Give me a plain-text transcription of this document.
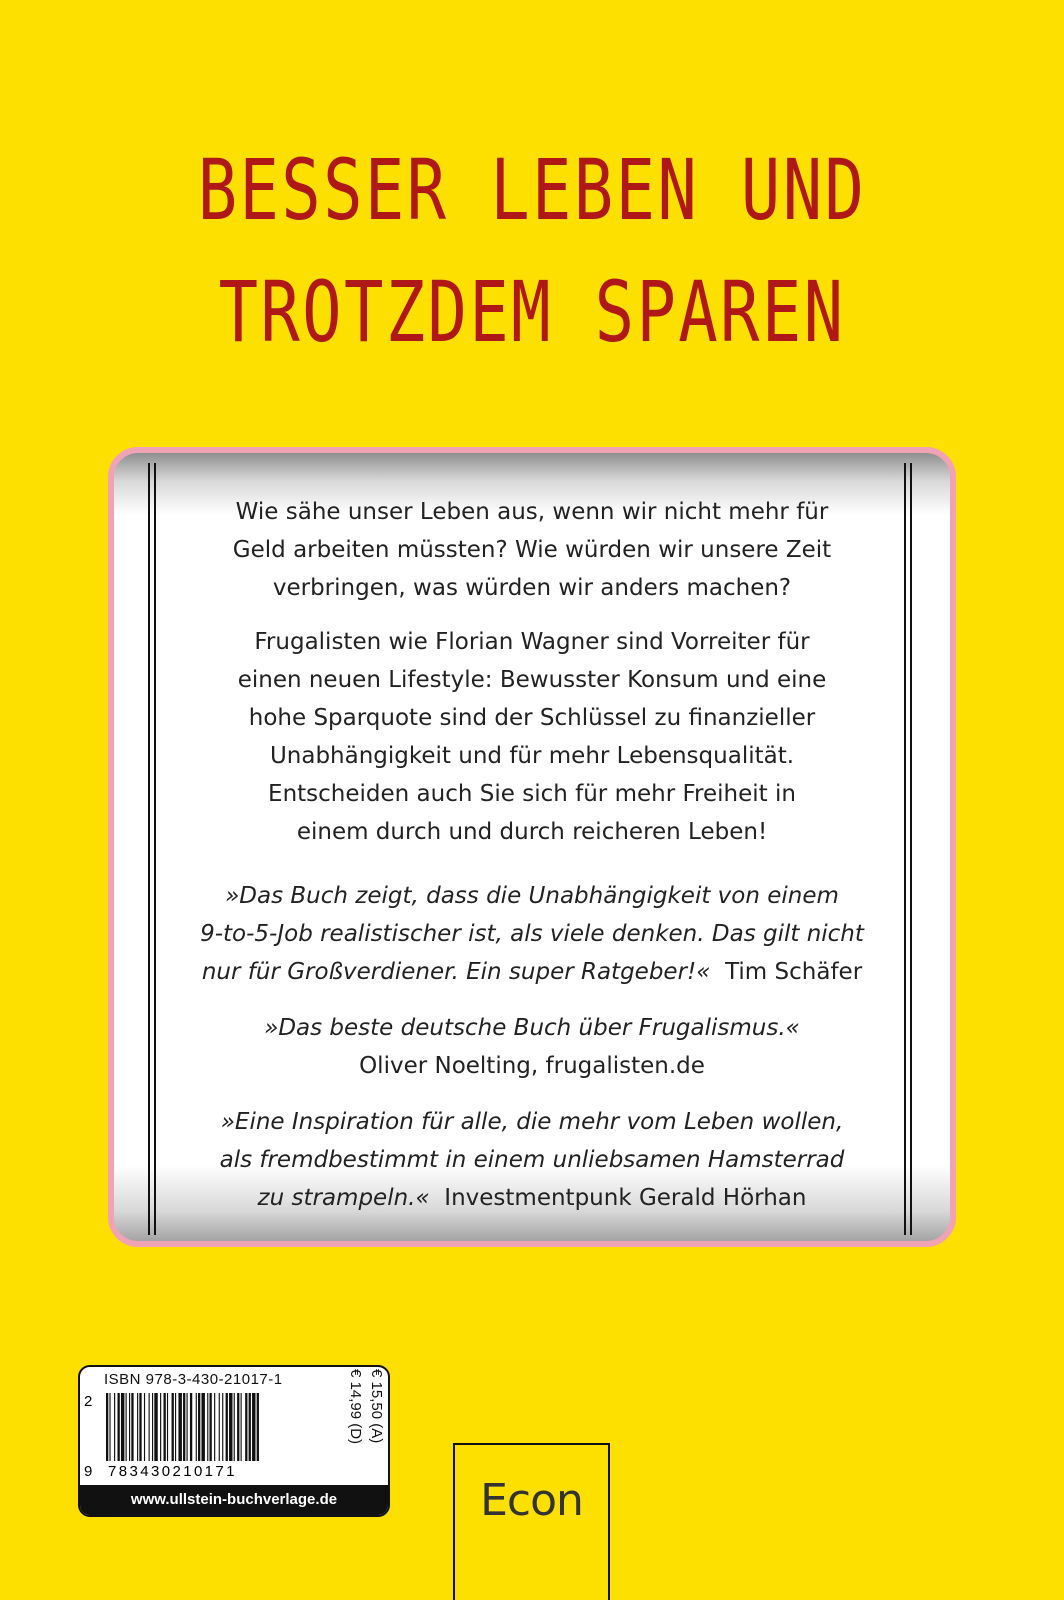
BESSER LEBEN UND
TROTZDEM SPAREN
Wie sähe unser Leben aus, wenn wir nicht mehr für
Geld arbeiten müssten? Wie würden wir unsere Zeit
verbringen, was würden wir anders machen?
Frugalisten wie Florian Wagner sind Vorreiter für
einen neuen Lifestyle: Bewusster Konsum und eine
hohe Sparquote sind der Schlüssel zu finanzieller
Unabhängigkeit und für mehr Lebensqualität.
Entscheiden auch Sie sich für mehr Freiheit in
einem durch und durch reicheren Leben!
»Das Buch zeigt, dass die Unabhängigkeit von einem
9-to-5-Job realistischer ist, als viele denken. Das gilt nicht
nur für Großverdiener. Ein super Ratgeber!« Tim Schäfer
»Das beste deutsche Buch über Frugalismus.«
Oliver Noelting, frugalisten.de
»Eine Inspiration für alle, die mehr vom Leben wollen,
als fremdbestimmt in einem unliebsamen Hamsterrad
zu strampeln.« Investmentpunk Gerald Hörhan
ISBN 978-3-430-21017-1
2
9 783430210171
€ 14,99 (D) € 15,50 (A)
www.ullstein-buchverlage.de	Econ
